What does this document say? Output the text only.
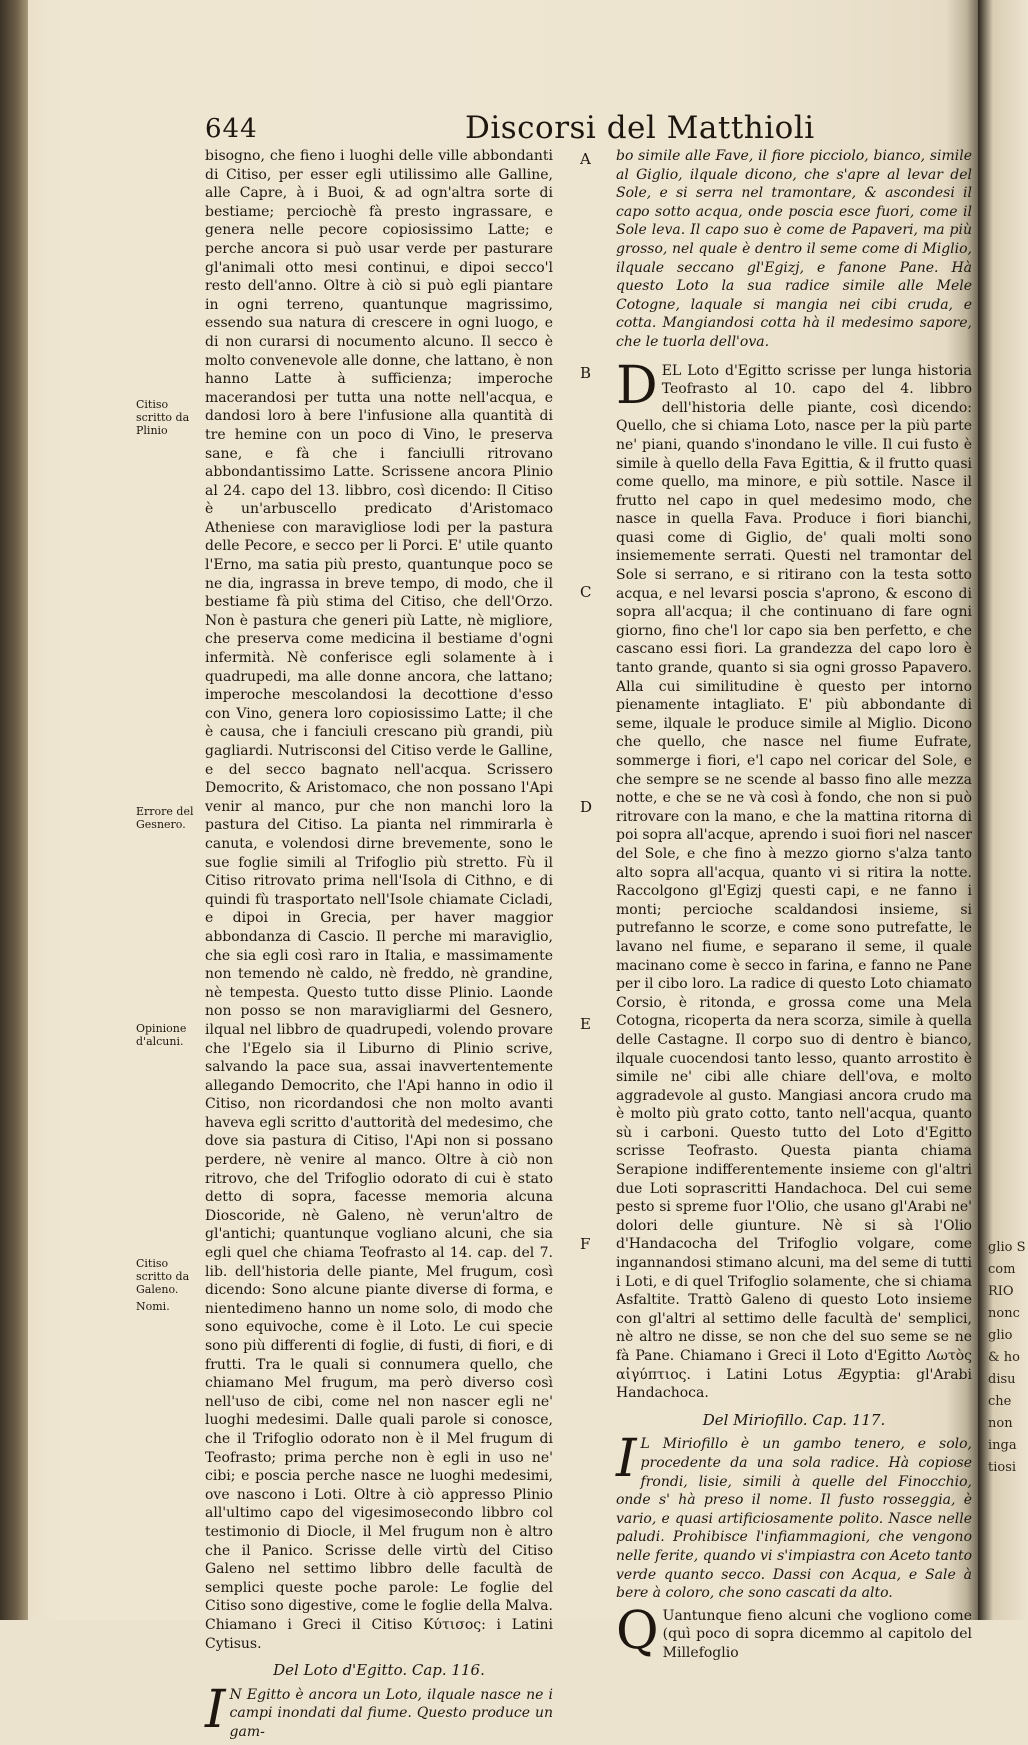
644	Discorsi del Matthioli
Citiso scritto da Plinio
Errore del Gesnero.
Opinione d'alcuni.
Citiso scritto da Galeno.
Nomi.
A
B
C
D
E
F

bisogno, che fieno i luoghi delle ville abbondanti di Citiso, per esser egli utilissimo alle Galline, alle Capre, à i Buoi, & ad ogn'altra sorte di bestiame; perciochè fà presto ingrassare, e genera nelle pecore copiosissimo Latte; e perche ancora si può usar verde per pasturare gl'animali otto mesi continui, e dipoi secco'l resto dell'anno. Oltre à ciò si può egli piantare in ogni terreno, quantunque magrissimo, essendo sua natura di crescere in ogni luogo, e di non curarsi di nocumento alcuno. Il secco è molto convenevole alle donne, che lattano, è non hanno Latte à sufficienza; imperoche macerandosi per tutta una notte nell'acqua, e dandosi loro à bere l'infusione alla quantità di tre hemine con un poco di Vino, le preserva sane, e fà che i fanciulli ritrovano abbondantissimo Latte. Scrissene ancora Plinio al 24. capo del 13. libbro, così dicendo: Il Citiso è un'arbuscello predicato d'Aristomaco Atheniese con maravigliose lodi per la pastura delle Pecore, e secco per li Porci. E' utile quanto l'Erno, ma satia più presto, quantunque poco se ne dia, ingrassa in breve tempo, di modo, che il bestiame fà più stima del Citiso, che dell'Orzo. Non è pastura che generi più Latte, nè migliore, che preserva come medicina il bestiame d'ogni infermità. Nè conferisce egli solamente à i quadrupedi, ma alle donne ancora, che lattano; imperoche mescolandosi la decottione d'esso con Vino, genera loro copiosissimo Latte; il che è causa, che i fanciuli crescano più grandi, più gagliardi. Nutrisconsi del Citiso verde le Galline, e del secco bagnato nell'acqua. Scrissero Democrito, & Aristomaco, che non possano l'Api venir al manco, pur che non manchi loro la pastura del Citiso. La pianta nel rimmirarla è canuta, e volendosi dirne brevemente, sono le sue foglie simili al Trifoglio più stretto. Fù il Citiso ritrovato prima nell'Isola di Cithno, e di quindi fù trasportato nell'Isole chiamate Cicladi, e dipoi in Grecia, per haver maggior abbondanza di Cascio. Il perche mi maraviglio, che sia egli così raro in Italia, e massimamente non temendo nè caldo, nè freddo, nè grandine, nè tempesta. Questo tutto disse Plinio. Laonde non posso se non maravigliarmi del Gesnero, ilqual nel libbro de quadrupedi, volendo provare che l'Egelo sia il Liburno di Plinio scrive, salvando la pace sua, assai inavvertentemente allegando Democrito, che l'Api hanno in odio il Citiso, non ricordandosi che non molto avanti haveva egli scritto d'auttorità del medesimo, che dove sia pastura di Citiso, l'Api non si possano perdere, nè venire al manco. Oltre à ciò non ritrovo, che del Trifoglio odorato di cui è stato detto di sopra, facesse memoria alcuna Dioscoride, nè Galeno, nè verun'altro de gl'antichi; quantunque vogliano alcuni, che sia egli quel che chiama Teofrasto al 14. cap. del 7. lib. dell'historia delle piante, Mel frugum, così dicendo: Sono alcune piante diverse di forma, e nientedimeno hanno un nome solo, di modo che sono equivoche, come è il Loto. Le cui specie sono più differenti di foglie, di fusti, di fiori, e di frutti. Tra le quali si connumera quello, che chiamano Mel frugum, ma però diverso così nell'uso de cibi, come nel non nascer egli ne' luoghi medesimi. Dalle quali parole si conosce, che il Trifoglio odorato non è il Mel frugum di Teofrasto; prima perche non è egli in uso ne' cibi; e poscia perche nasce ne luoghi medesimi, ove nascono i Loti. Oltre à ciò appresso Plinio all'ultimo capo del vigesimosecondo libbro col testimonio di Diocle, il Mel frugum non è altro che il Panico. Scrisse delle virtù del Citiso Galeno nel settimo libbro delle facultà de semplici queste poche parole: Le foglie del Citiso sono digestive, come le foglie della Malva. Chiamano i Greci il Citiso Κύτισος: i Latini Cytisus.

Del Loto d'Egitto. Cap. 116.

I N Egitto è ancora un Loto, ilquale nasce ne i campi inondati dal fiume. Questo produce un gam-

bo simile alle Fave, il fiore picciolo, bianco, simile al Giglio, ilquale dicono, che s'apre al levar del Sole, e si serra nel tramontare, & ascondesi il capo sotto acqua, onde poscia esce fuori, come il Sole leva. Il capo suo è come de Papaveri, ma più grosso, nel quale è dentro il seme come di Miglio, ilquale seccano gl'Egizj, e fanone Pane. Hà questo Loto la sua radice simile alle Mele Cotogne, laquale si mangia nei cibi cruda, e cotta. Mangiandosi cotta hà il medesimo sapore, che le tuorla dell'ova.

DEL Loto d'Egitto scrisse per lunga historia Teofrasto al 10. capo del 4. libbro dell'historia delle piante, così dicendo: Quello, che si chiama Loto, nasce per la più parte ne' piani, quando s'inondano le ville. Il cui fusto è simile à quello della Fava Egittia, & il frutto quasi come quello, ma minore, e più sottile. Nasce il frutto nel capo in quel medesimo modo, che nasce in quella Fava. Produce i fiori bianchi, quasi come di Giglio, de' quali molti sono insiememente serrati. Questi nel tramontar del Sole si serrano, e si ritirano con la testa sotto acqua, e nel levarsi poscia s'aprono, & escono di sopra all'acqua; il che continuano di fare ogni giorno, fino che'l lor capo sia ben perfetto, e che cascano essi fiori. La grandezza del capo loro è tanto grande, quanto si sia ogni grosso Papavero. Alla cui similitudine è questo per intorno pienamente intagliato. E' più abbondante di seme, ilquale le produce simile al Miglio. Dicono che quello, che nasce nel fiume Eufrate, sommerge i fiori, e'l capo nel coricar del Sole, e che sempre se ne scende al basso fino alle mezza notte, e che se ne và così à fondo, che non si può ritrovare con la mano, e che la mattina ritorna di poi sopra all'acque, aprendo i suoi fiori nel nascer del Sole, e che fino à mezzo giorno s'alza tanto alto sopra all'acqua, quanto vi si ritira la notte. Raccolgono gl'Egizj questi capi, e ne fanno i monti; percioche scaldandosi insieme, si putrefanno le scorze, e come sono putrefatte, le lavano nel fiume, e separano il seme, il quale macinano come è secco in farina, e fanno ne Pane per il cibo loro. La radice di questo Loto chiamato Corsio, è ritonda, e grossa come una Mela Cotogna, ricoperta da nera scorza, simile à quella delle Castagne. Il corpo suo di dentro è bianco, ilquale cuocendosi tanto lesso, quanto arrostito è simile ne' cibi alle chiare dell'ova, e molto aggradevole al gusto. Mangiasi ancora crudo ma è molto più grato cotto, tanto nell'acqua, quanto sù i carboni. Questo tutto del Loto d'Egitto scrisse Teofrasto. Questa pianta chiama Serapione indifferentemente insieme con gl'altri due Loti soprascritti Handachoca. Del cui seme pesto si spreme fuor l'Olio, che usano gl'Arabi ne' dolori delle giunture. Nè si sà l'Olio d'Handacocha del Trifoglio volgare, come ingannandosi stimano alcuni, ma del seme di tutti i Loti, e di quel Trifoglio solamente, che si chiama Asfaltite. Trattò Galeno di questo Loto insieme con gl'altri al settimo delle facultà de' semplici, nè altro ne disse, se non che del suo seme se ne fà Pane. Chiamano i Greci il Loto d'Egitto Λωτὸς αἰγύπτιος. i Latini Lotus Ægyptia: gl'Arabi Handachoca.

Del Miriofillo. Cap. 117.

I L Miriofillo è un gambo tenero, e solo, procedente da una sola radice. Hà copiose frondi, lisie, simili à quelle del Finocchio, onde s' hà preso il nome. Il fusto rosseggia, è vario, e quasi artificiosamente polito. Nasce nelle paludi. Prohibisce l'infiammagioni, che vengono nelle ferite, quando vi s'impiastra con Aceto tanto verde quanto secco. Dassi con Acqua, e Sale à bere à coloro, che sono cascati da alto.

Q Uantunque fieno alcuni che vogliono come (quì poco di sopra dicemmo al capitolo del Millefoglio

glio S
com
RIO
nonc
glio
& ho
disu
che
non
inga
tiosi
